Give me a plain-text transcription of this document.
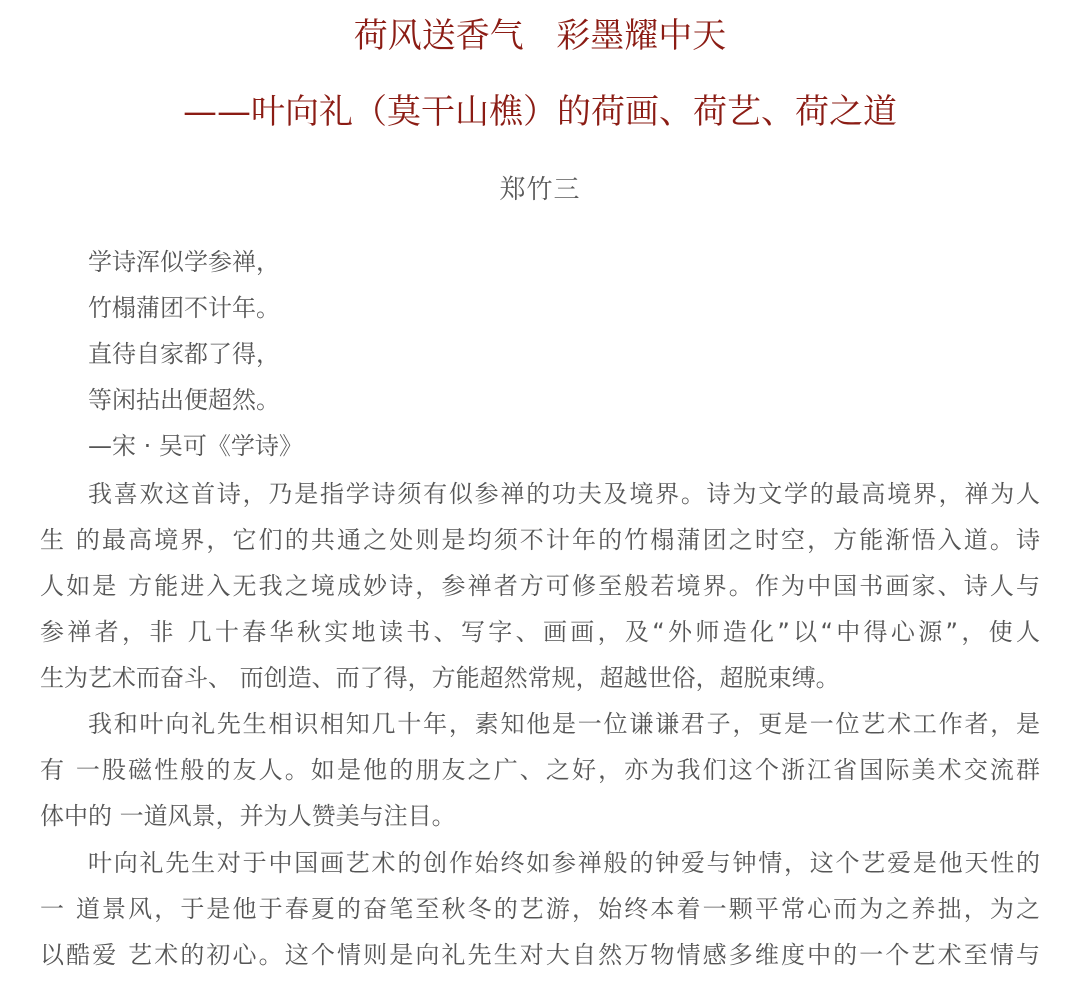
荷风送香气   彩墨耀中天
——叶向礼（莫干山樵）的荷画、荷艺、荷之道
郑竹三
学诗浑似学参禅，
竹榻蒲团不计年。
直待自家都了得，
等闲拈出便超然。
—宋 · 吴可《学诗》
我喜欢这首诗，乃是指学诗须有似参禅的功夫及境界。诗为文学的最高境界，禅为人
生 的最高境界，它们的共通之处则是均须不计年的竹榻蒲团之时空，方能渐悟入道。诗
人如是 方能进入无我之境成妙诗，参禅者方可修至般若境界。作为中国书画家、诗人与
参禅者，非 几十春华秋实地读书、写字、画画，及“外师造化”以“中得心源”，使人
生为艺术而奋斗、 而创造、而了得，方能超然常规，超越世俗，超脱束缚。
我和叶向礼先生相识相知几十年，素知他是一位谦谦君子，更是一位艺术工作者，是
有 一股磁性般的友人。如是他的朋友之广、之好，亦为我们这个浙江省国际美术交流群
体中的 一道风景，并为人赞美与注目。
叶向礼先生对于中国画艺术的创作始终如参禅般的钟爱与钟情，这个艺爱是他天性的
一 道景风，于是他于春夏的奋笔至秋冬的艺游，始终本着一颗平常心而为之养拙，为之
以酷爱 艺术的初心。这个情则是向礼先生对大自然万物情感多维度中的一个艺术至情与
